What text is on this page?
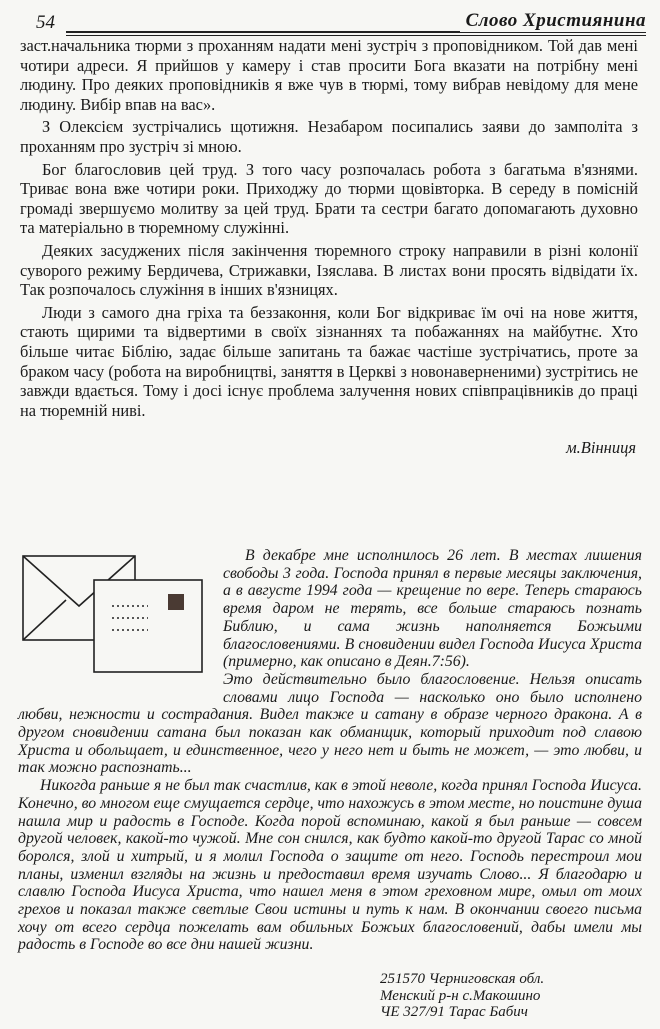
54	Слово Християнина

заст.начальника тюрми з проханням надати мені зустріч з проповідником. Той дав мені чотири адреси. Я прийшов у камеру і став просити Бога вказати на потрібну мені людину. Про деяких проповідників я вже чув в тюрмі, тому вибрав невідому для мене людину. Вибір впав на вас».

З Олексієм зустрічались щотижня. Незабаром посипались заяви до замполіта з проханням про зустріч зі мною.

Бог благословив цей труд. З того часу розпочалась робота з багатьма в'язнями. Триває вона вже чотири роки. Приходжу до тюрми щовівторка. В середу в помісній громаді звершуємо молитву за цей труд. Брати та сестри багато допомагають духовно та матеріально в тюремному служінні.

Деяких засуджених після закінчення тюремного строку направили в різні колонії суворого режиму Бердичева, Стрижавки, Ізяслава. В листах вони просять відвідати їх. Так розпочалось служіння в інших в'язницях.

Люди з самого дна гріха та беззаконня, коли Бог відкриває їм очі на нове життя, стають щирими та відвертими в своїх зізнаннях та побажаннях на майбутнє. Хто більше читає Біблію, задає більше запитань та бажає частіше зустрічатись, проте за браком часу (робота на виробництві, заняття в Церкві з новонаверненими) зустрітись не завжди вдається. Тому і досі існує проблема залучення нових співпрацівників до праці на тюремній ниві.

м.Вінниця

В декабре мне исполнилось 26 лет. В местах лишения свободы 3 года. Господа принял в первые месяцы заключения, а в августе 1994 года — крещение по вере. Теперь стараюсь время даром не терять, все больше стараюсь познать Библию, и сама жизнь наполняется Божьими благословениями. В сновидении видел Господа Иисуса Христа (примерно, как описано в Деян.7:56).

Это действительно было благословение. Нельзя описать словами лицо Господа — насколько оно было исполнено любви, нежности и сострадания. Видел также и сатану в образе черного дракона. А в другом сновидении сатана был показан как обманщик, который приходит под славою Христа и обольщает, и единственное, чего у него нет и быть не может, — это любви, и так можно распознать...

Никогда раньше я не был так счастлив, как в этой неволе, когда принял Господа Иисуса. Конечно, во многом еще смущается сердце, что нахожусь в этом месте, но поистине душа нашла мир и радость в Господе. Когда порой вспоминаю, какой я был раньше — совсем другой человек, какой-то чужой. Мне сон снился, как будто какой-то другой Тарас со мной боролся, злой и хитрый, и я молил Господа о защите от него. Господь перестроил мои планы, изменил взгляды на жизнь и предоставил время изучать Слово... Я благодарю и славлю Господа Иисуса Христа, что нашел меня в этом греховном мире, омыл от моих грехов и показал также светлые Свои истины и путь к нам. В окончании своего письма хочу от всего сердца пожелать вам обильных Божьих благословений, дабы имели мы радость в Господе во все дни нашей жизни.

251570 Черниговская обл.
Менский р-н с.Макошино
ЧЕ 327/91 Тарас Бабич
